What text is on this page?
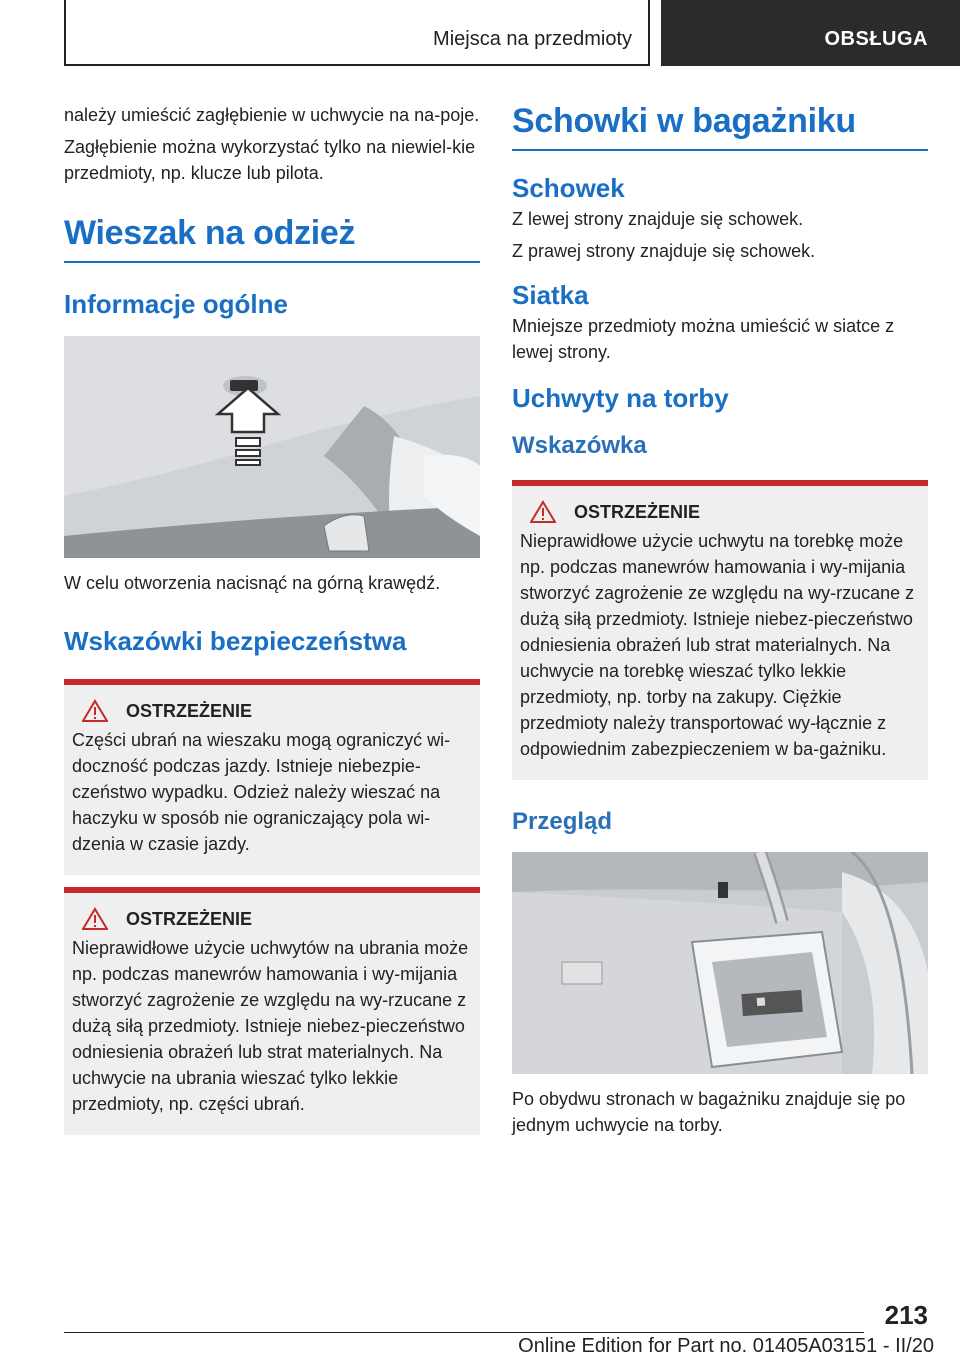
Miejsca na przedmioty	OBSŁUGA

należy umieścić zagłębienie w uchwycie na na-poje.

Zagłębienie można wykorzystać tylko na niewiel-kie przedmioty, np. klucze lub pilota.

Wieszak na odzież
Informacje ogólne

W celu otworzenia nacisnąć na górną krawędź.

Wskazówki bezpieczeństwa
OSTRZEŻENIE

Części ubrań na wieszaku mogą ograniczyć wi-doczność podczas jazdy. Istnieje niebezpie-czeństwo wypadku. Odzież należy wieszać na haczyku w sposób nie ograniczający pola wi-dzenia w czasie jazdy.

OSTRZEŻENIE

Nieprawidłowe użycie uchwytów na ubrania może np. podczas manewrów hamowania i wy-mijania stworzyć zagrożenie ze względu na wy-rzucane z dużą siłą przedmioty. Istnieje niebez-pieczeństwo odniesienia obrażeń lub strat materialnych. Na uchwycie na ubrania wieszać tylko lekkie przedmioty, np. części ubrań.

Schowki w bagażniku
Schowek

Z lewej strony znajduje się schowek.

Z prawej strony znajduje się schowek.

Siatka

Mniejsze przedmioty można umieścić w siatce z lewej strony.

Uchwyty na torby
Wskazówka
OSTRZEŻENIE

Nieprawidłowe użycie uchwytu na torebkę może np. podczas manewrów hamowania i wy-mijania stworzyć zagrożenie ze względu na wy-rzucane z dużą siłą przedmioty. Istnieje niebez-pieczeństwo odniesienia obrażeń lub strat materialnych. Na uchwycie na torebkę wieszać tylko lekkie przedmioty, np. torby na zakupy. Ciężkie przedmioty należy transportować wy-łącznie z odpowiednim zabezpieczeniem w ba-gażniku.

Przegląd

Po obydwu stronach w bagażniku znajduje się po jednym uchwycie na torby.

213
Online Edition for Part no. 01405A03151 - II/20
